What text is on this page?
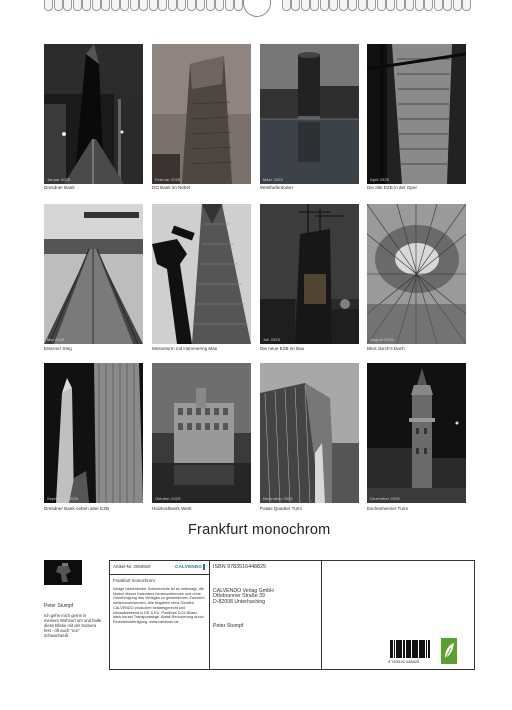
Januar 2025	Februar 2025	März 2025	April 2025
Mai 2025	Juni 2025	Juli 2025	August 2025
September 2025	Oktober 2025	November 2025	Dezember 2025
Dresdner Bank	DG Bank im Nebel	Westhafentower	Die alte EZB in der Oper
Eiserner Steg	Messeturm mit Hammering Man	Die neue EZB im Bau	Blick durch's Dach
Dresdner Bank neben alter EZB	Heizkraftwerk West	Palais Quartier Turm	Eschenheimer Turm
Frankfurt monochrom
Peter Stumpf
Ich gehe mich gerne in meinem Wohnort um und halte diese Blicke mit der Kamera fest - oft auch "nur" schwarzweiß.
Artikel-Nr. 2059929	CALVENDO
Frankfurt monochrom
Infolge bestehender Schutzrechte ist es untersagt, die Motive dieses Kalenders herauszutrennen und ohne Genehmigung des Verlages zu gewerblichen Zwecken weiterzuverwenden. Alle Angaben ohne Gewähr. CALVENDO produziert bedarfsgerecht und klimaabwesend in DE & EU. Positives CO2-Bilanz dank kurzer Transportwege. Abfall-Reduzierung durch Einzelstückfertigung. www.calvendo.de
ISBN 9783516448825
CALVENDO Verlag GmbH
Ottobrunner Straße 39
D-82008 Unterhaching
Peter Stumpf
9 783516 448825
